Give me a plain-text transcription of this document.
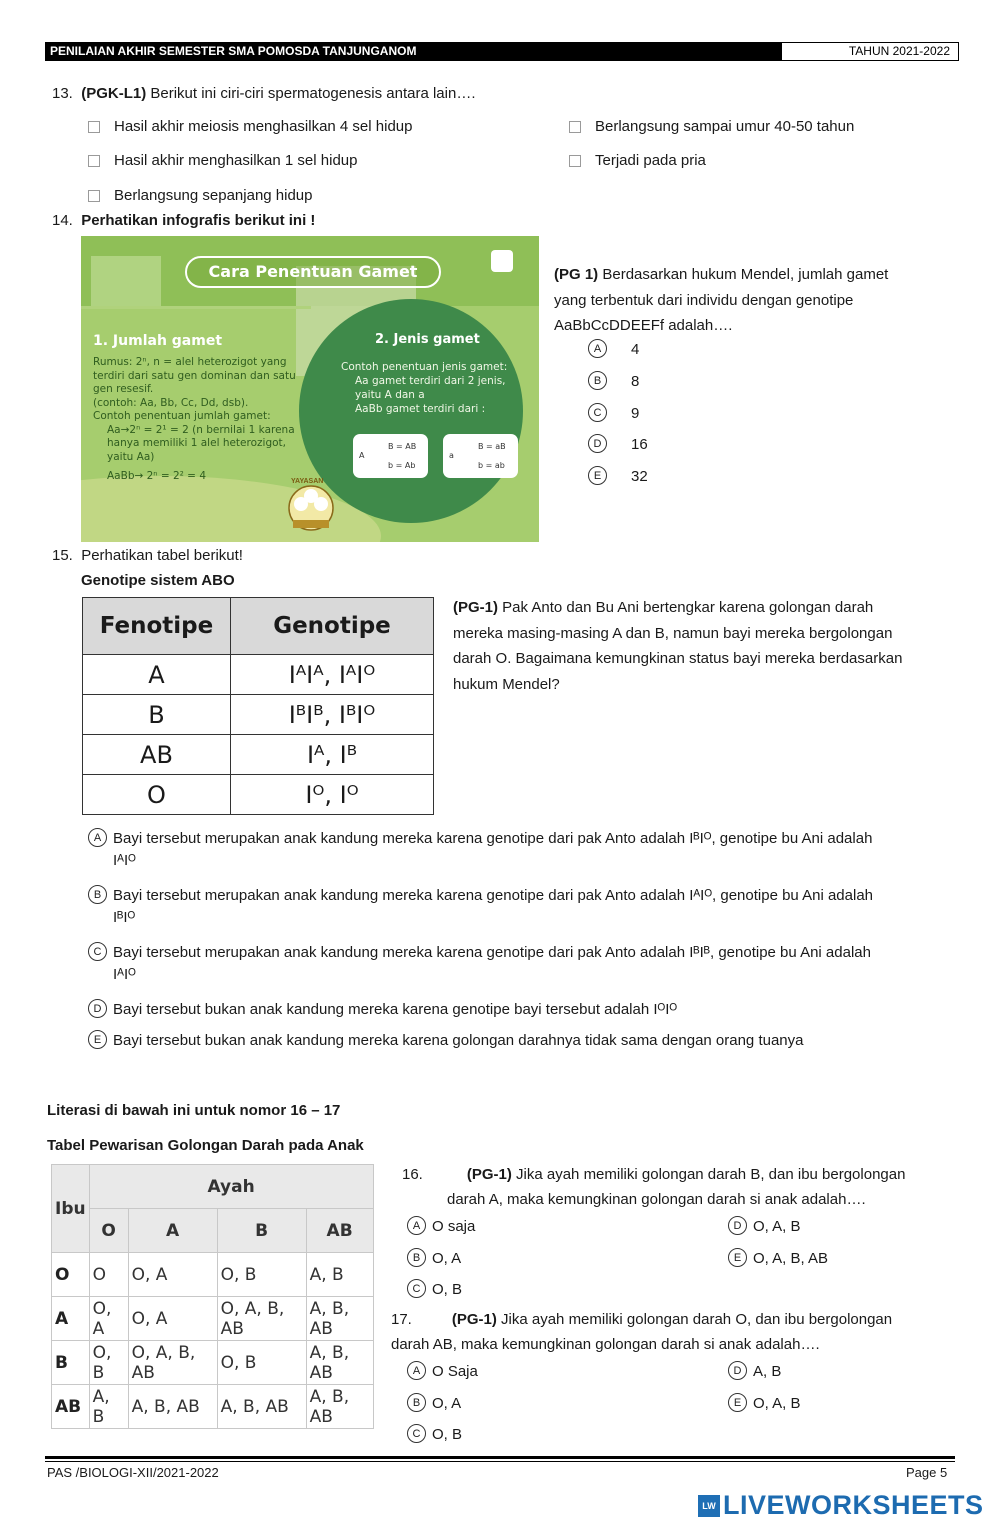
PENILAIAN AKHIR SEMESTER SMA POMOSDA TANJUNGANOM	TAHUN 2021-2022
13. (PGK-L1) Berikut ini ciri-ciri spermatogenesis antara lain….
Hasil akhir meiosis menghasilkan 4 sel hidup
Hasil akhir menghasilkan 1 sel hidup
Berlangsung sepanjang hidup
Berlangsung sampai umur 40-50 tahun
Terjadi pada pria
14. Perhatikan infografis berikut ini !
Cara Penentuan Gamet
1. Jumlah gamet
Rumus: 2ⁿ, n = alel heterozigot yang
terdiri dari satu gen dominan dan satu
gen resesif.
(contoh: Aa, Bb, Cc, Dd, dsb).
Contoh penentuan jumlah gamet:
Aa→2ⁿ = 2¹ = 2 (n bernilai 1 karena
hanya memiliki 1 alel heterozigot,
yaitu Aa)
AaBb→ 2ⁿ = 2² = 4
2. Jenis gamet
Contoh penentuan jenis gamet:
Aa gamet terdiri dari 2 jenis,
yaitu A dan a
AaBb gamet terdiri dari :
A
B = AB
b = Ab
a
B = aB
b = ab
YAYASAN
(PG 1) Berdasarkan hukum Mendel, jumlah gamet
yang terbentuk dari individu dengan genotipe
AaBbCcDDEEFf adalah….
A	4
B	8
C	9
D	16
E	32
15. Perhatikan tabel berikut!
Genotipe sistem ABO
Fenotipe	Genotipe
A	IᴬIᴬ, IᴬIᴼ
B	IᴮIᴮ, IᴮIᴼ
AB	Iᴬ, Iᴮ
O	Iᴼ, Iᴼ
(PG-1) Pak Anto dan Bu Ani bertengkar karena golongan darah
mereka masing-masing A dan B, namun bayi mereka bergolongan
darah O. Bagaimana kemungkinan status bayi mereka berdasarkan
hukum Mendel?
A Bayi tersebut merupakan anak kandung mereka karena genotipe dari pak Anto adalah IᴮIᴼ, genotipe bu Ani adalah
IᴬIᴼ
B Bayi tersebut merupakan anak kandung mereka karena genotipe dari pak Anto adalah IᴬIᴼ, genotipe bu Ani adalah
IᴮIᴼ
C Bayi tersebut merupakan anak kandung mereka karena genotipe dari pak Anto adalah IᴮIᴮ, genotipe bu Ani adalah
IᴬIᴼ
D Bayi tersebut bukan anak kandung mereka karena genotipe bayi tersebut adalah IᴼIᴼ
E Bayi tersebut bukan anak kandung mereka karena golongan darahnya tidak sama dengan orang tuanya
Literasi di bawah ini untuk nomor 16 – 17
Tabel Pewarisan Golongan Darah pada Anak
Ibu	Ayah			
	O	A	B	AB
O	O	O, A	O, B	A, B
A	O, A	O, A	O, A, B, AB	A, B, AB
B	O, B	O, A, B, AB	O, B	A, B, AB
AB	A, B	A, B, AB	A, B, AB	A, B, AB
16.	(PG-1) Jika ayah memiliki golongan darah B, dan ibu bergolongan
darah A, maka kemungkinan golongan darah si anak adalah….
A O saja
B O, A
C O, B
D O, A, B
E O, A, B, AB
17.	(PG-1) Jika ayah memiliki golongan darah O, dan ibu bergolongan
darah AB, maka kemungkinan golongan darah si anak adalah….
A O Saja
B O, A
C O, B
D A, B
E O, A, B
PAS /BIOLOGI-XII/2021-2022	Page 5
LW LIVEWORKSHEETS
